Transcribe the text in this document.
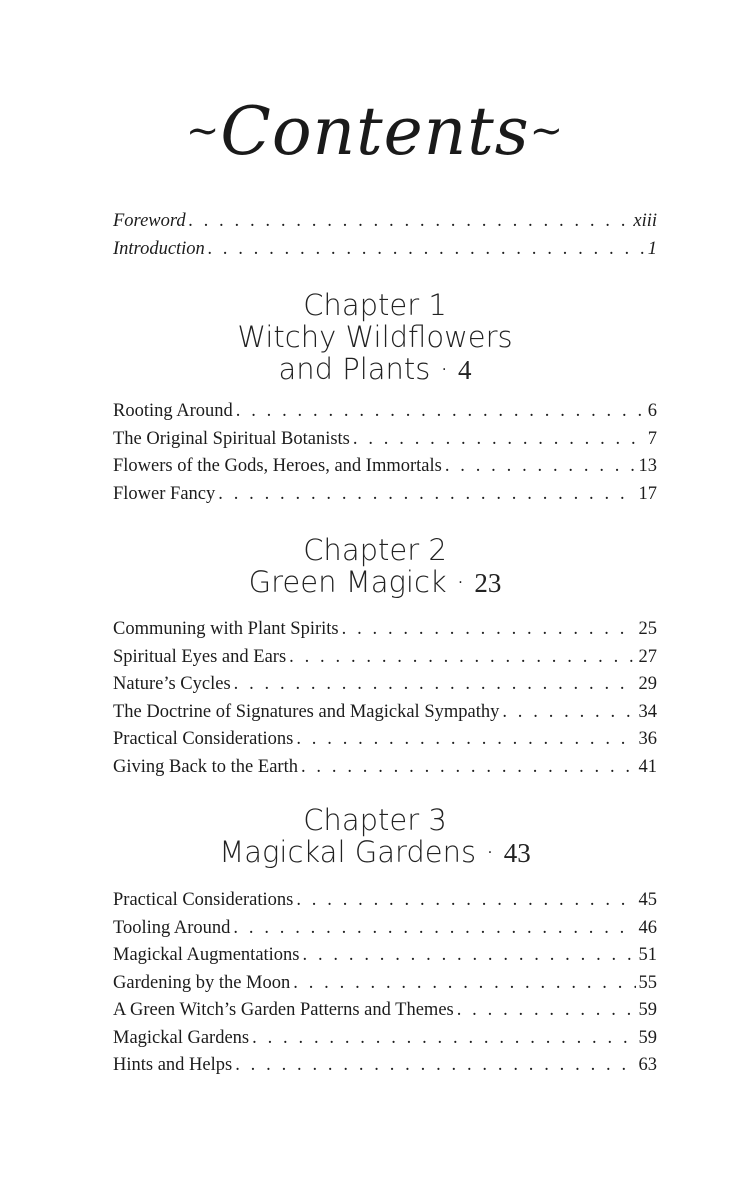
~Contents~
Foreword . . .	xiii
Introduction . . .	1
Chapter 1
Witchy Wildflowers
and Plants · 4
Rooting Around . . .	6
The Original Spiritual Botanists . . .	7
Flowers of the Gods, Heroes, and Immortals . . .	13
Flower Fancy . . .	17
Chapter 2
Green Magick · 23
Communing with Plant Spirits . . .	25
Spiritual Eyes and Ears . . .	27
Nature’s Cycles . . .	29
The Doctrine of Signatures and Magickal Sympathy . . .	34
Practical Considerations . . .	36
Giving Back to the Earth . . .	41
Chapter 3
Magickal Gardens · 43
Practical Considerations . . .	45
Tooling Around . . .	46
Magickal Augmentations . . .	51
Gardening by the Moon . . .	55
A Green Witch’s Garden Patterns and Themes . . .	59
Magickal Gardens . . .	59
Hints and Helps . . .	63
